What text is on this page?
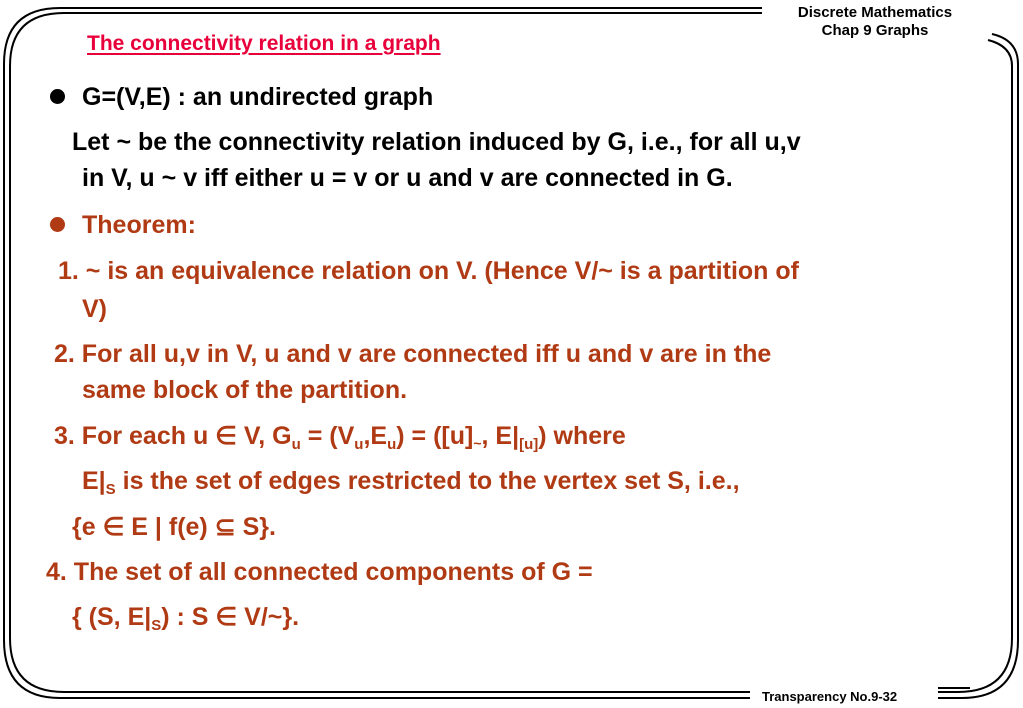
Discrete Mathematics
Chap 9 Graphs
Transparency No.9-32
The connectivity relation in a graph
G=(V,E) : an undirected graph
Let ~ be the connectivity relation induced by G, i.e., for all u,v
in V, u ~ v iff either u = v or u and v are connected in G.
Theorem:
1. ~ is an equivalence relation on V. (Hence V/~ is a partition of
V)
2. For all u,v in V, u and v are connected iff u and v are in the
same block of the partition.
3. For each u ∈ V, $G_u = (V_u,E_u) = ([u]_\sim$, $E|_{[u]}$) where
$E|_S$ is the set of edges restricted to the vertex set S, i.e.,
{e ∈ E | f(e) ⊆ S}.
4. The set of all connected components of G =
{ (S, $E|_S$) : S ∈ V/~}.
